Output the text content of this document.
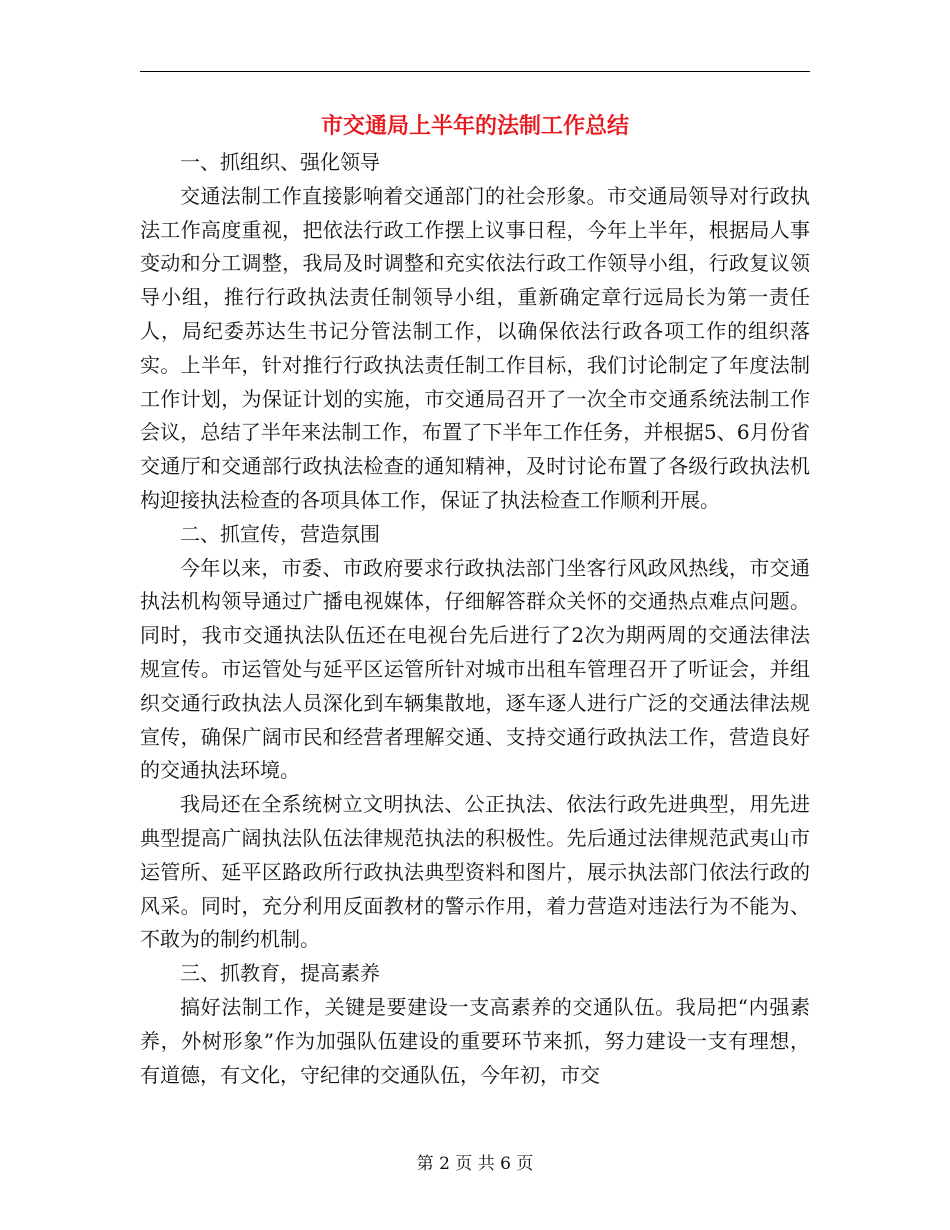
市交通局上半年的法制工作总结

一、抓组织、强化领导

交通法制工作直接影响着交通部门的社会形象。市交通局领导对行政执法工作高度重视，把依法行政工作摆上议事日程，今年上半年，根据局人事变动和分工调整，我局及时调整和充实依法行政工作领导小组，行政复议领导小组，推行行政执法责任制领导小组，重新确定章行远局长为第一责任人，局纪委苏达生书记分管法制工作，以确保依法行政各项工作的组织落实。上半年，针对推行行政执法责任制工作目标，我们讨论制定了年度法制工作计划，为保证计划的实施，市交通局召开了一次全市交通系统法制工作会议，总结了半年来法制工作，布置了下半年工作任务，并根据5、6月份省交通厅和交通部行政执法检查的通知精神，及时讨论布置了各级行政执法机构迎接执法检查的各项具体工作，保证了执法检查工作顺利开展。

二、抓宣传，营造氛围

今年以来，市委、市政府要求行政执法部门坐客行风政风热线，市交通执法机构领导通过广播电视媒体，仔细解答群众关怀的交通热点难点问题。同时，我市交通执法队伍还在电视台先后进行了2次为期两周的交通法律法规宣传。市运管处与延平区运管所针对城市出租车管理召开了听证会，并组织交通行政执法人员深化到车辆集散地，逐车逐人进行广泛的交通法律法规宣传，确保广阔市民和经营者理解交通、支持交通行政执法工作，营造良好的交通执法环境。

我局还在全系统树立文明执法、公正执法、依法行政先进典型，用先进典型提高广阔执法队伍法律规范执法的积极性。先后通过法律规范武夷山市运管所、延平区路政所行政执法典型资料和图片，展示执法部门依法行政的风采。同时，充分利用反面教材的警示作用，着力营造对违法行为不能为、不敢为的制约机制。

三、抓教育，提高素养

搞好法制工作，关键是要建设一支高素养的交通队伍。我局把“内强素养，外树形象”作为加强队伍建设的重要环节来抓，努力建设一支有理想，有道德，有文化，守纪律的交通队伍，今年初，市交

第 2 页 共 6 页
